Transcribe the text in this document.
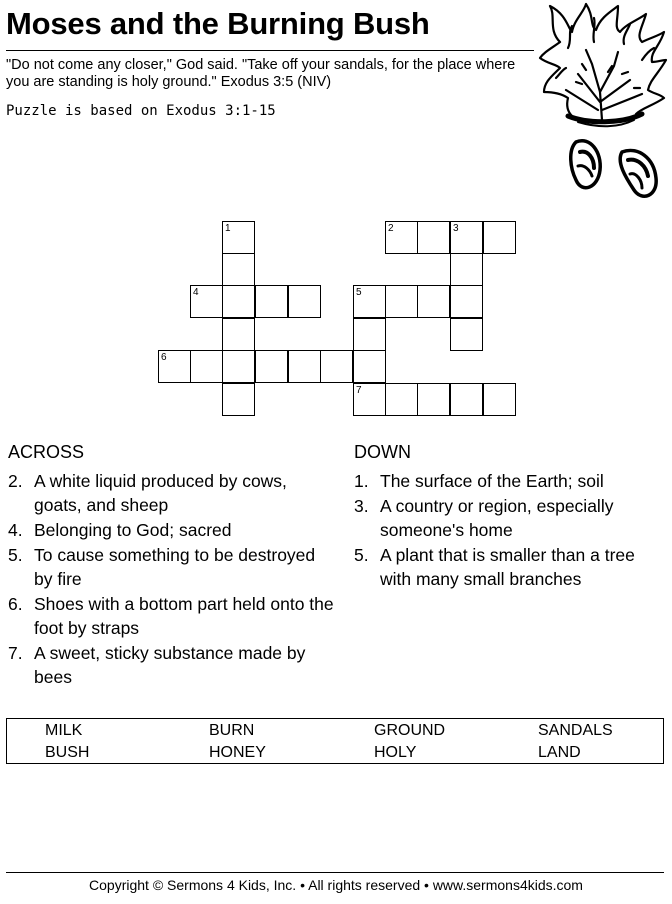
Moses and the Burning Bush
"Do not come any closer," God said. "Take off your sandals, for the place where you are standing is holy ground." Exodus 3:5 (NIV)
Puzzle is based on Exodus 3:1-15
1	2	3
4	5
6
7
ACROSS
2. A white liquid produced by cows, goats, and sheep
4. Belonging to God; sacred
5. To cause something to be destroyed by fire
6. Shoes with a bottom part held onto the foot by straps
7. A sweet, sticky substance made by bees
DOWN
1. The surface of the Earth; soil
3. A country or region, especially someone's home
5. A plant that is smaller than a tree with many small branches
MILK	BURN	GROUND	SANDALS
BUSH	HONEY	HOLY	LAND
Copyright © Sermons 4 Kids, Inc. • All rights reserved • www.sermons4kids.com
